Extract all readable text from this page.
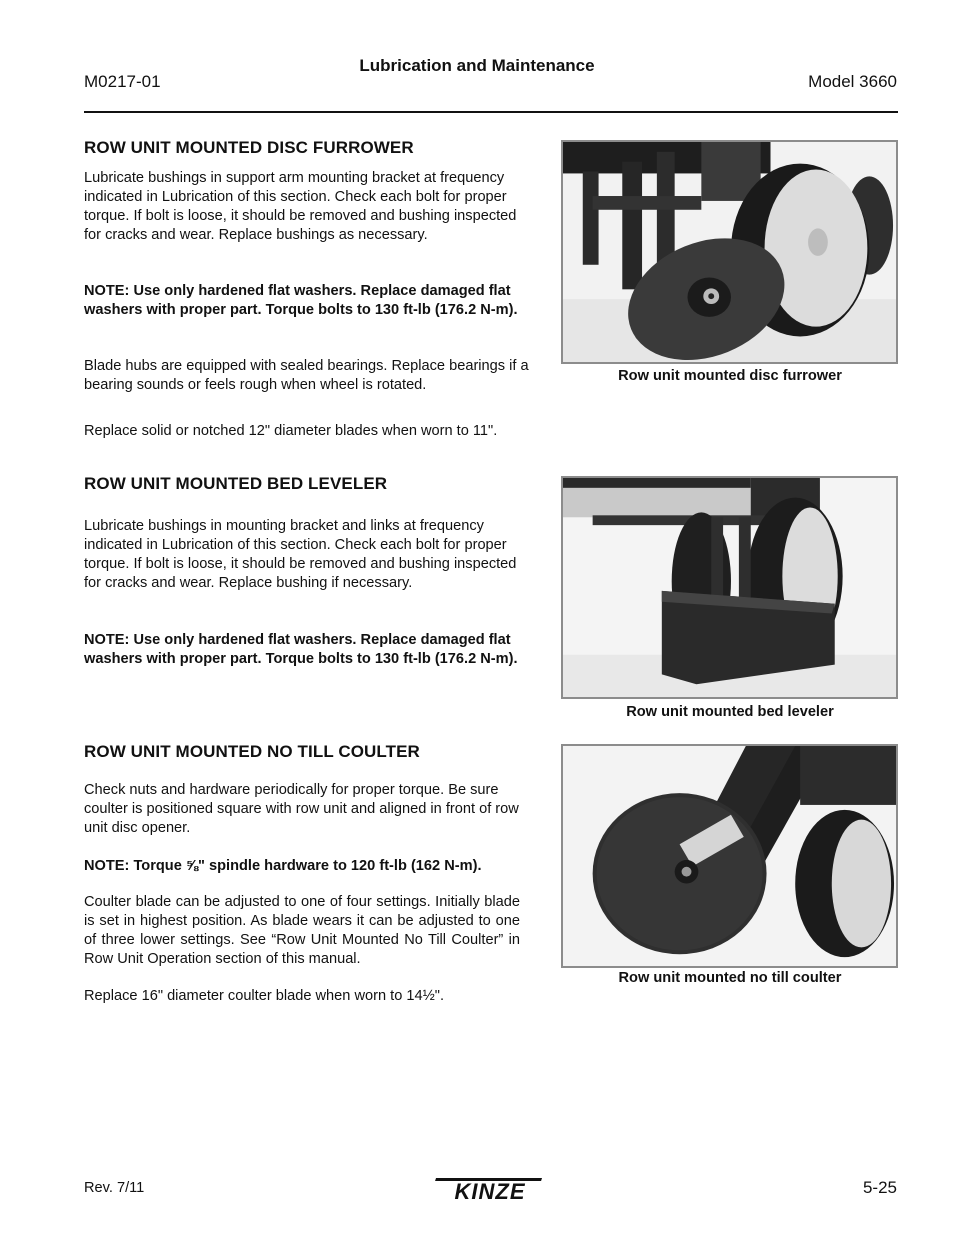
Lubrication and Maintenance
M0217-01	Model 3660
ROW UNIT MOUNTED DISC FURROWER
Lubricate bushings in support arm mounting bracket at frequency indicated in Lubrication of this section. Check each bolt for proper torque. If bolt is loose, it should be removed and bushing inspected for cracks and wear. Replace bushings as necessary.
NOTE: Use only hardened flat washers. Replace damaged flat washers with proper part. Torque bolts to 130 ft-lb (176.2 N-m).
Blade hubs are equipped with sealed bearings. Replace bearings if a bearing sounds or feels rough when wheel is rotated.
Replace solid or notched 12" diameter blades when worn to 11".
Row unit mounted disc furrower
ROW UNIT MOUNTED BED LEVELER
Lubricate bushings in mounting bracket and links at frequency indicated in Lubrication of this section. Check each bolt for proper torque. If bolt is loose, it should be removed and bushing inspected for cracks and wear. Replace bushing if necessary.
NOTE: Use only hardened flat washers. Replace damaged flat washers with proper part. Torque bolts to 130 ft-lb (176.2 N-m).
Row unit mounted bed leveler
ROW UNIT MOUNTED NO TILL COULTER
Check nuts and hardware periodically for proper torque. Be sure coulter is positioned square with row unit and aligned in front of row unit disc opener.
NOTE: Torque ⅝" spindle hardware to 120 ft-lb (162 N-m).
Coulter blade can be adjusted to one of four settings. Initially blade is set in highest position. As blade wears it can be adjusted to one of three lower settings. See “Row Unit Mounted No Till Coulter” in Row Unit Operation section of this manual.
Replace 16" diameter coulter blade when worn to 14½".
Row unit mounted no till coulter
Rev. 7/11	KINZE	5-25
